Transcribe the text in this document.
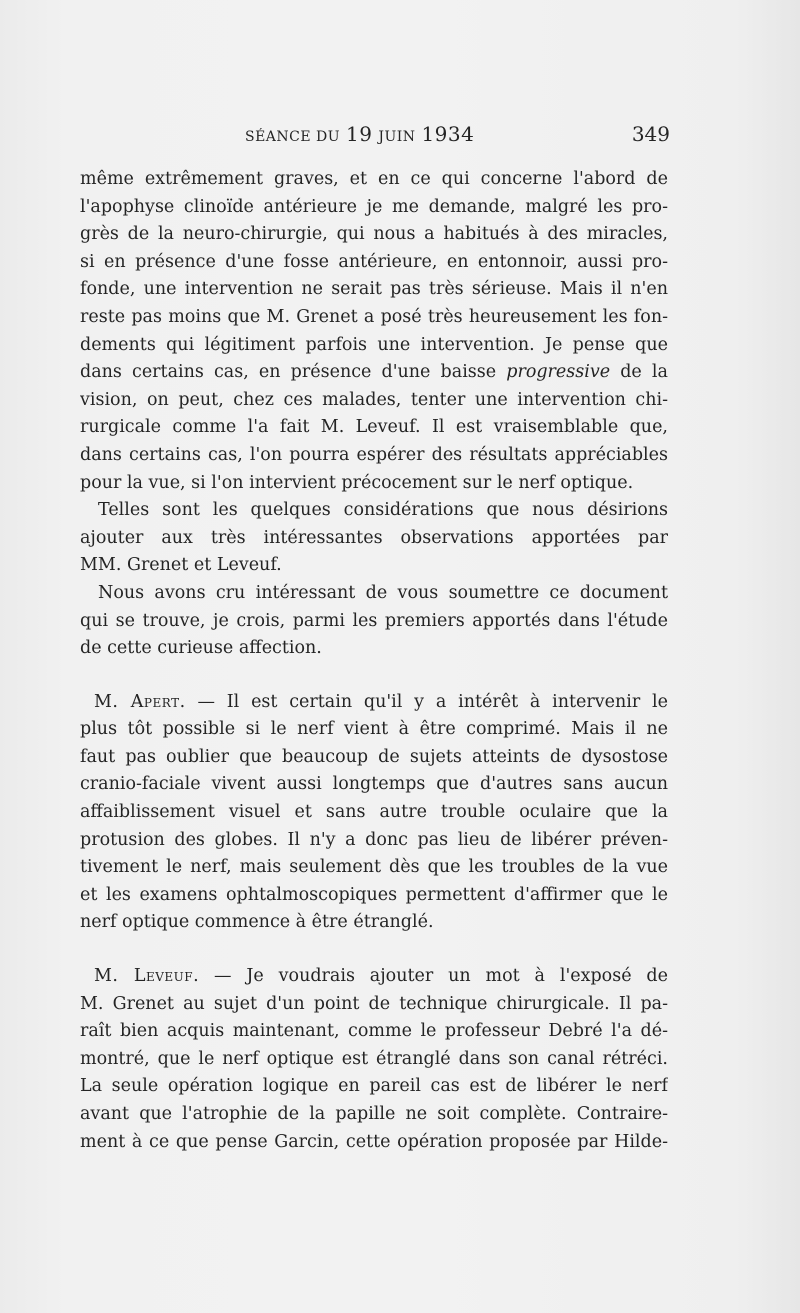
SÉANCE DU 19 JUIN 1934	349
même extrêmement graves, et en ce qui concerne l'abord de
l'apophyse clinoïde antérieure je me demande, malgré les pro-
grès de la neuro-chirurgie, qui nous a habitués à des miracles,
si en présence d'une fosse antérieure, en entonnoir, aussi pro-
fonde, une intervention ne serait pas très sérieuse. Mais il n'en
reste pas moins que M. Grenet a posé très heureusement les fon-
dements qui légitiment parfois une intervention. Je pense que
dans certains cas, en présence d'une baisse progressive de la
vision, on peut, chez ces malades, tenter une intervention chi-
rurgicale comme l'a fait M. Leveuf. Il est vraisemblable que,
dans certains cas, l'on pourra espérer des résultats appréciables
pour la vue, si l'on intervient précocement sur le nerf optique.
Telles sont les quelques considérations que nous désirions
ajouter aux très intéressantes observations apportées par
MM. Grenet et Leveuf.
Nous avons cru intéressant de vous soumettre ce document
qui se trouve, je crois, parmi les premiers apportés dans l'étude
de cette curieuse affection.
M. Apert. — Il est certain qu'il y a intérêt à intervenir le
plus tôt possible si le nerf vient à être comprimé. Mais il ne
faut pas oublier que beaucoup de sujets atteints de dysostose
cranio-faciale vivent aussi longtemps que d'autres sans aucun
affaiblissement visuel et sans autre trouble oculaire que la
protusion des globes. Il n'y a donc pas lieu de libérer préven-
tivement le nerf, mais seulement dès que les troubles de la vue
et les examens ophtalmoscopiques permettent d'affirmer que le
nerf optique commence à être étranglé.
M. Leveuf. — Je voudrais ajouter un mot à l'exposé de
M. Grenet au sujet d'un point de technique chirurgicale. Il pa-
raît bien acquis maintenant, comme le professeur Debré l'a dé-
montré, que le nerf optique est étranglé dans son canal rétréci.
La seule opération logique en pareil cas est de libérer le nerf
avant que l'atrophie de la papille ne soit complète. Contraire-
ment à ce que pense Garcin, cette opération proposée par Hilde-
